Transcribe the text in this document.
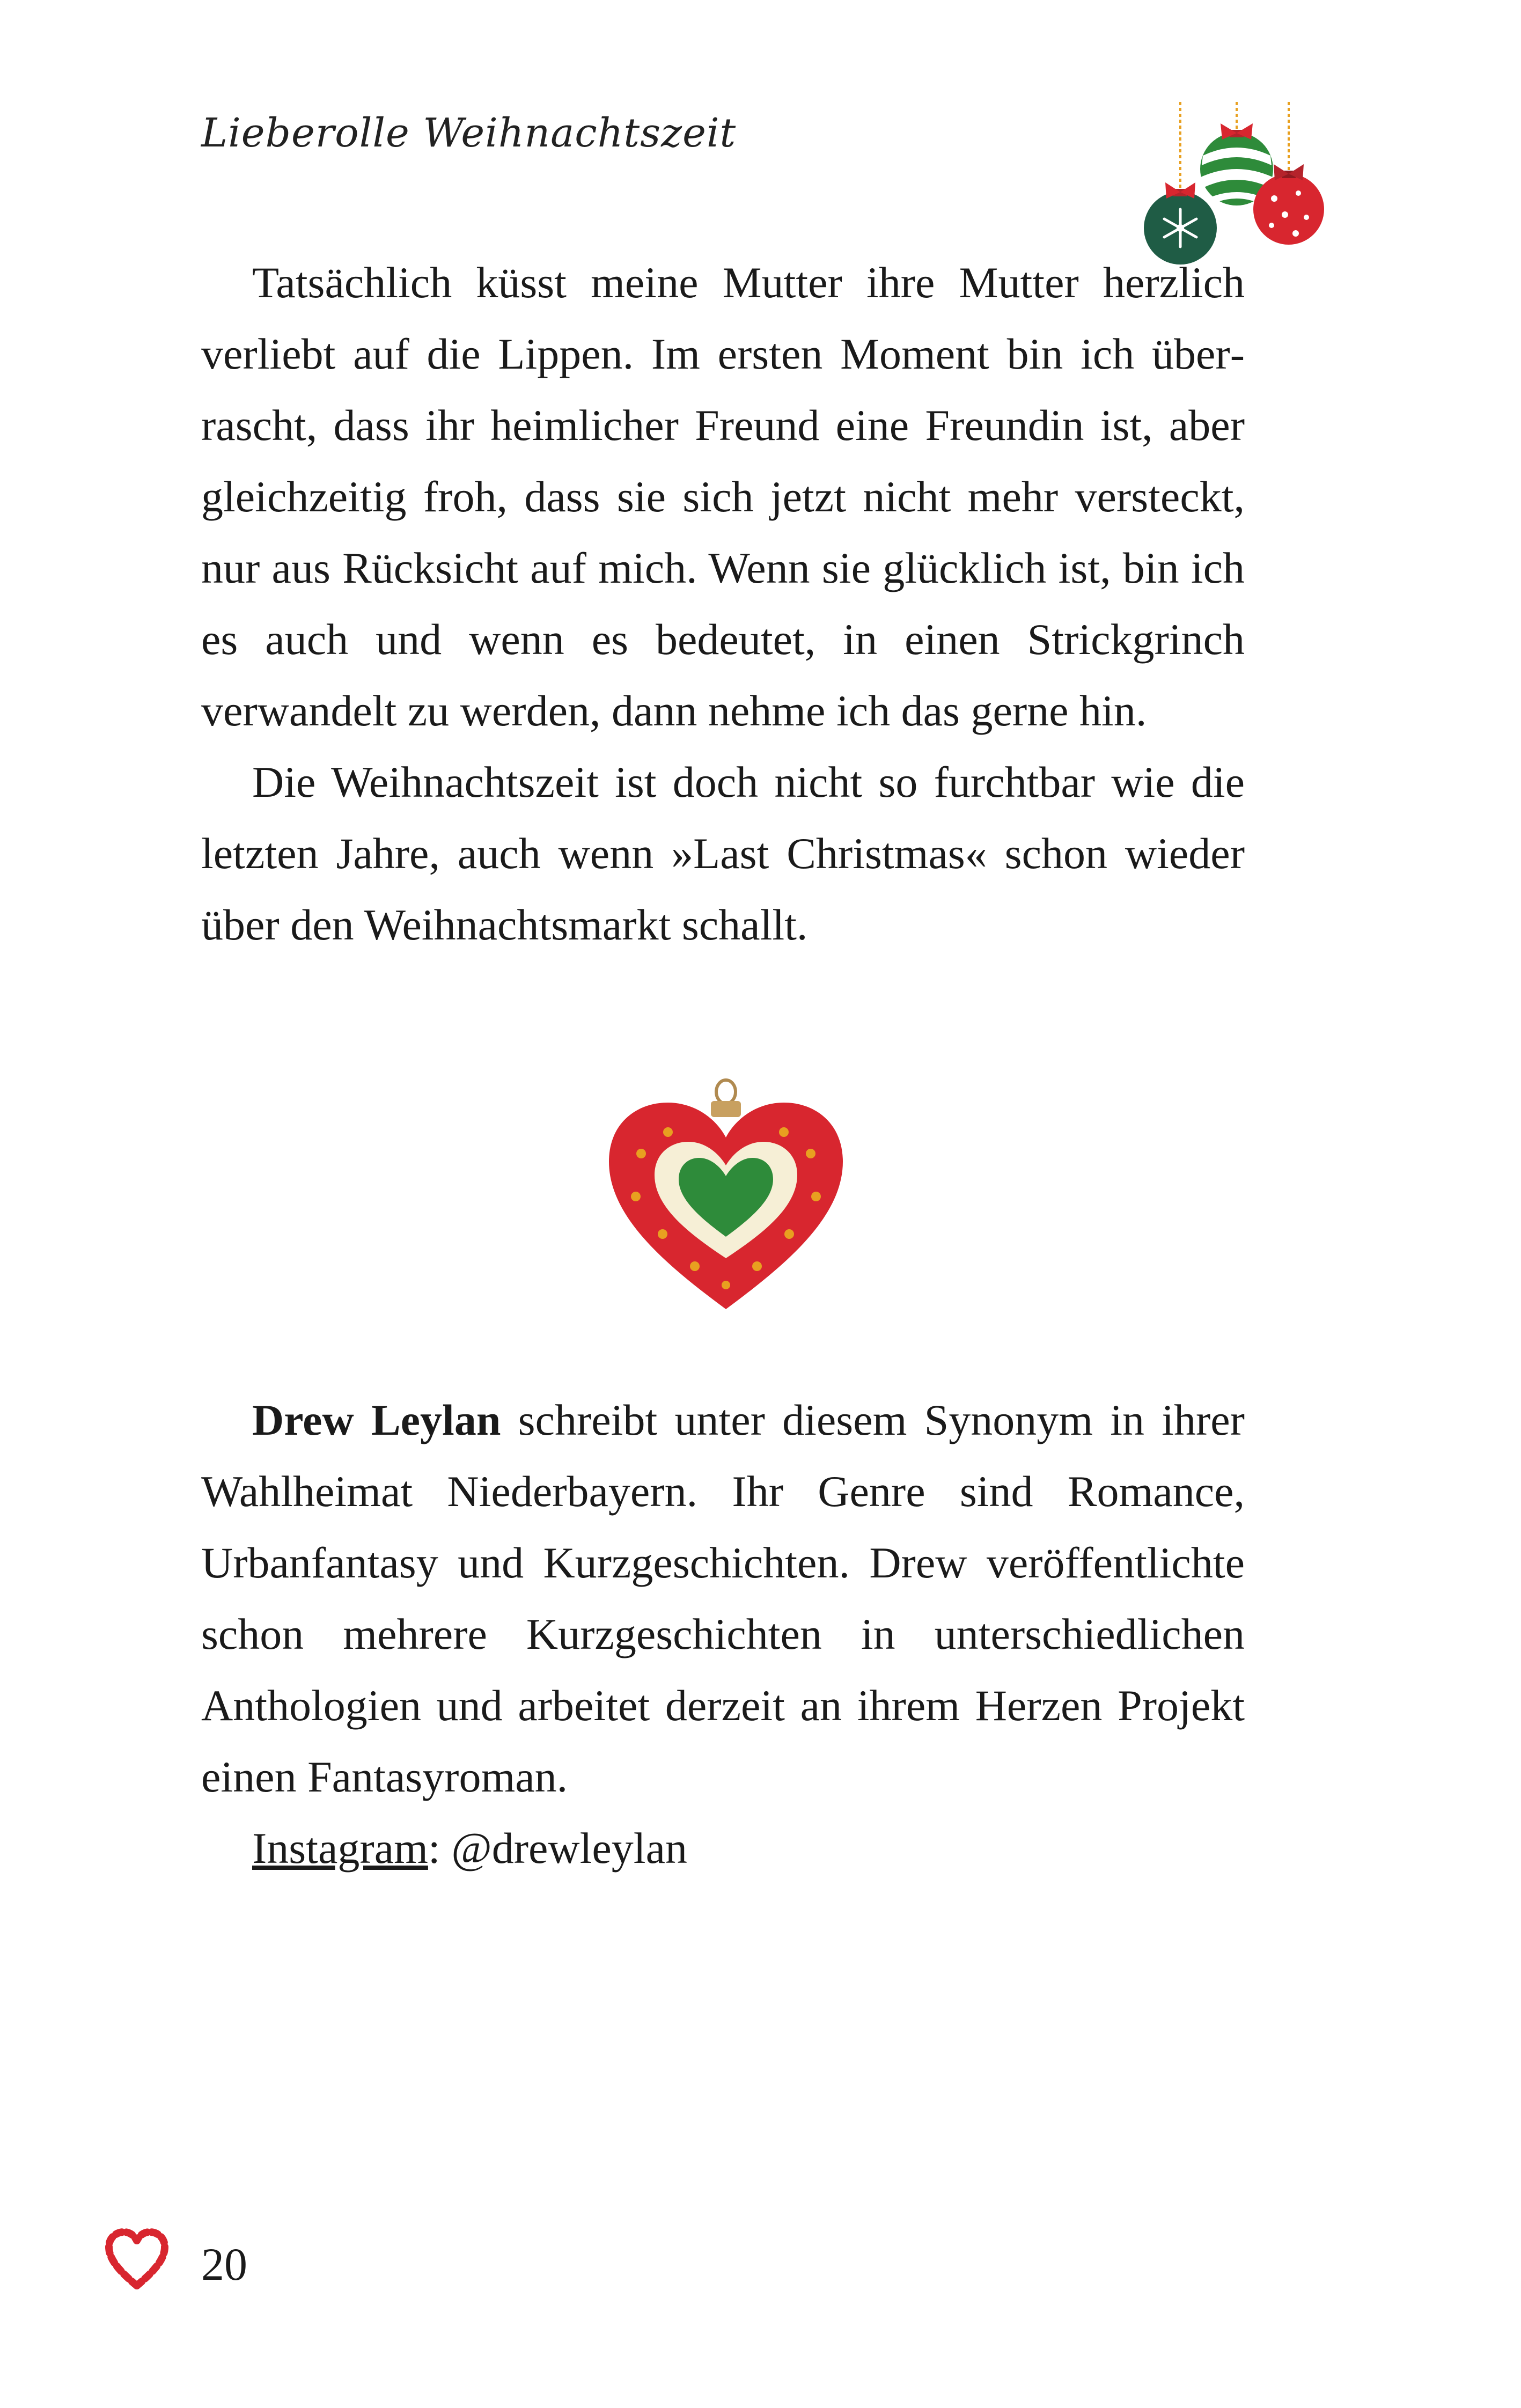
Lieberolle Weihnachtszeit

Tatsächlich küsst meine Mutter ihre Mutter herzlich verliebt auf die Lippen. Im ersten Moment bin ich überrascht, dass ihr heimlicher Freund eine Freundin ist, aber gleichzeitig froh, dass sie sich jetzt nicht mehr versteckt, nur aus Rücksicht auf mich. Wenn sie glücklich ist, bin ich es auch und wenn es bedeutet, in einen Strickgrinch verwandelt zu werden, dann nehme ich das gerne hin.

Die Weihnachtszeit ist doch nicht so furchtbar wie die letzten Jahre, auch wenn »Last Christmas« schon wieder über den Weihnachtsmarkt schallt.

Drew Leylan schreibt unter diesem Synonym in ihrer Wahlheimat Niederbayern. Ihr Genre sind Romance, Urbanfantasy und Kurzgeschichten. Drew veröffentlichte schon mehrere Kurzgeschichten in unterschiedlichen Anthologien und arbeitet derzeit an ihrem Herzen Projekt einen Fantasyroman.

Instagram: @drewleylan

20
